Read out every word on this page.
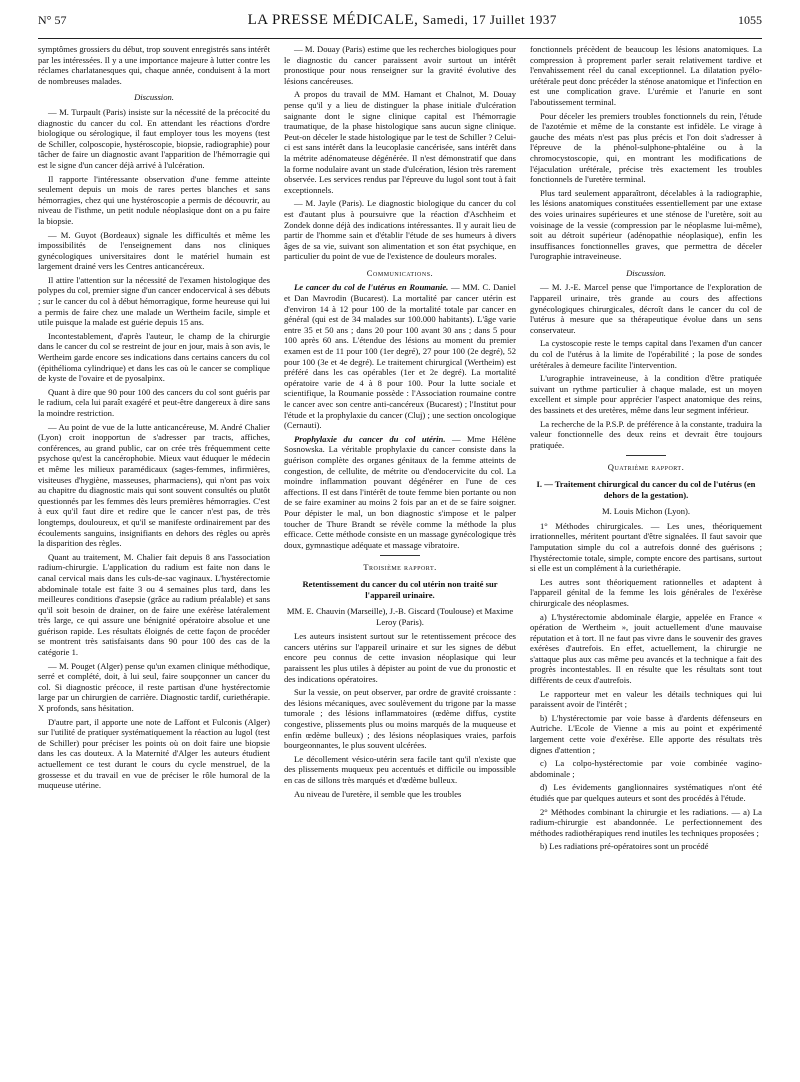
N° 57	LA PRESSE MÉDICALE, Samedi, 17 Juillet 1937	1055

symptômes grossiers du début, trop souvent enregistrés sans intérêt par les intéressées. Il y a une importance majeure à lutter contre les réclames charlatanesques qui, chaque année, conduisent à la mort de nombreuses malades.

Discussion.

— M. Turpault (Paris) insiste sur la nécessité de la précocité du diagnostic du cancer du col. En attendant les réactions d'ordre biologique ou sérologique, il faut employer tous les moyens (test de Schiller, colposcopie, hystéroscopie, biopsie, radiographie) pour tâcher de faire un diagnostic avant l'apparition de l'hémorragie qui est le signe d'un cancer déjà arrivé à l'ulcération.

Il rapporte l'intéressante observation d'une femme atteinte seulement depuis un mois de rares pertes blanches et sans hémorragies, chez qui une hystéroscopie a permis de découvrir, au niveau de l'isthme, un petit nodule néoplasique dont on a pu faire la biopsie.

— M. Guyot (Bordeaux) signale les difficultés et même les impossibilités de l'enseignement dans nos cliniques gynécologiques universitaires dont le matériel humain est largement drainé vers les Centres anticancéreux.

Il attire l'attention sur la nécessité de l'examen histologique des polypes du col, premier signe d'un cancer endocervical à ses débuts ; sur le cancer du col à début hémorragique, forme heureuse qui lui a permis de faire chez une malade un Wertheim facile, simple et utile puisque la malade est guérie depuis 15 ans.

Incontestablement, d'après l'auteur, le champ de la chirurgie dans le cancer du col se restreint de jour en jour, mais à son avis, le Wertheim garde encore ses indications dans certains cancers du col (épithélioma cylindrique) et dans les cas où le cancer se complique de kyste de l'ovaire et de pyosalpinx.

Quant à dire que 90 pour 100 des cancers du col sont guéris par le radium, cela lui paraît exagéré et peut-être dangereux à dire sans la moindre restriction.

— Au point de vue de la lutte anticancéreuse, M. André Chalier (Lyon) croit inopportun de s'adresser par tracts, affiches, conférences, au grand public, car on crée très fréquemment cette psychose qu'est la cancérophobie. Mieux vaut éduquer le médecin et même les milieux paramédicaux (sages-femmes, infirmières, visiteuses d'hygiène, masseuses, pharmaciens), qui n'ont pas voix au chapitre du diagnostic mais qui sont souvent consultés ou plutôt questionnés par les femmes dès leurs premières hémorragies. C'est à eux qu'il faut dire et redire que le cancer n'est pas, de très longtemps, douloureux, et qu'il se manifeste ordinairement par des écoulements sanguins, insignifiants en dehors des règles ou après la disparition des règles.

Quant au traitement, M. Chalier fait depuis 8 ans l'association radium-chirurgie. L'application du radium est faite non dans le canal cervical mais dans les culs-de-sac vaginaux. L'hystérectomie abdominale totale est faite 3 ou 4 semaines plus tard, dans les meilleures conditions d'asepsie (grâce au radium préalable) et sans qu'il soit besoin de drainer, on de faire une exérèse latéralement très large, ce qui assure une bénignité opératoire absolue et une guérison rapide. Les résultats éloignés de cette façon de procéder se montrent très satisfaisants dans 90 pour 100 des cas de la catégorie 1.

— M. Pouget (Alger) pense qu'un examen clinique méthodique, serré et complété, doit, à lui seul, faire soupçonner un cancer du col. Si diagnostic précoce, il reste partisan d'une hystérectomie large par un chirurgien de carrière. Diagnostic tardif, curiethérapie. X profonds, sans hésitation.

D'autre part, il apporte une note de Laffont et Fulconis (Alger) sur l'utilité de pratiquer systématiquement la réaction au lugol (test de Schiller) pour préciser les points où on doit faire une biopsie dans les cas douteux. A la Maternité d'Alger les auteurs étudient actuellement ce test durant le cours du cycle menstruel, de la grossesse et du travail en vue de préciser le rôle humoral de la muqueuse utérine.

— M. Douay (Paris) estime que les recherches biologiques pour le diagnostic du cancer paraissent avoir surtout un intérêt pronostique pour nous renseigner sur la gravité évolutive des lésions cancéreuses.

A propos du travail de MM. Hamant et Chalnot, M. Douay pense qu'il y a lieu de distinguer la phase initiale d'ulcération saignante dont le signe clinique capital est l'hémorragie traumatique, de la phase histologique sans aucun signe clinique. Peut-on déceler le stade histologique par le test de Schiller ? Celui-ci est sans intérêt dans la leucoplasie cancérisée, sans intérêt dans la métrite adénomateuse dégénérée. Il n'est démonstratif que dans la forme nodulaire avant un stade d'ulcération, lésion très rarement observée. Les services rendus par l'épreuve du lugol sont tout à fait exceptionnels.

— M. Jayle (Paris). Le diagnostic biologique du cancer du col est d'autant plus à poursuivre que la réaction d'Aschheim et Zondek donne déjà des indications intéressantes. Il y aurait lieu de partir de l'homme sain et d'établir l'étude de ses humeurs à divers âges de sa vie, suivant son alimentation et son état psychique, en particulier du point de vue de l'existence de douleurs morales.

Communications.

Le cancer du col de l'utérus en Roumanie. — MM. C. Daniel et Dan Mavrodin (Bucarest). La mortalité par cancer utérin est d'environ 14 à 12 pour 100 de la mortalité totale par cancer en général (qui est de 34 malades sur 100.000 habitants). L'âge varie entre 35 et 50 ans ; dans 20 pour 100 avant 30 ans ; dans 5 pour 100 après 60 ans. L'étendue des lésions au moment du premier examen est de 11 pour 100 (1er degré), 27 pour 100 (2e degré), 52 pour 100 (3e et 4e degré). Le traitement chirurgical (Wertheim) est préféré dans les cas opérables (1er et 2e degré). La mortalité opératoire varie de 4 à 8 pour 100. Pour la lutte sociale et scientifique, la Roumanie possède : l'Association roumaine contre le cancer avec son centre anti-cancéreux (Bucarest) ; l'Institut pour l'étude et la prophylaxie du cancer (Cluj) ; une section oncologique (Cernauti).

Prophylaxie du cancer du col utérin. — Mme Hélène Sosnowska. La véritable prophylaxie du cancer consiste dans la guérison complète des organes génitaux de la femme atteints de congestion, de cellulite, de métrite ou d'endocervicite du col. La moindre inflammation pouvant dégénérer en l'une de ces affections. Il est dans l'intérêt de toute femme bien portante ou non de se faire examiner au moins 2 fois par an et de se faire soigner. Pour dépister le mal, un bon diagnostic s'impose et le palper toucher de Thure Brandt se révèle comme la méthode la plus efficace. Cette méthode consiste en un massage gynécologique très doux, gymnastique adéquate et massage vibratoire.

Troisième rapport.

Retentissement du cancer du col utérin non traité sur l'appareil urinaire.

MM. E. Chauvin (Marseille), J.-B. Giscard (Toulouse) et Maxime Leroy (Paris).

Les auteurs insistent surtout sur le retentissement précoce des cancers utérins sur l'appareil urinaire et sur les signes de début encore peu connus de cette invasion néoplasique qui leur paraissent les plus utiles à dépister au point de vue du pronostic et des indications opératoires.

Sur la vessie, on peut observer, par ordre de gravité croissante : des lésions mécaniques, avec soulèvement du trigone par la masse tumorale ; des lésions inflammatoires (œdème diffus, cystite congestive, plissements plus ou moins marqués de la muqueuse et enfin œdème bulleux) ; des lésions néoplasiques vraies, parfois bourgeonnantes, le plus souvent ulcérées.

Le décollement vésico-utérin sera facile tant qu'il n'existe que des plissements muqueux peu accentués et difficile ou impossible en cas de sillons très marqués et d'œdème bulleux.

Au niveau de l'uretère, il semble que les troubles

fonctionnels précèdent de beaucoup les lésions anatomiques. La compression à proprement parler serait relativement tardive et l'envahissement réel du canal exceptionnel. La dilatation pyélo-urétérale peut donc précéder la sténose anatomique et l'infection en est une complication grave. L'urémie et l'anurie en sont l'aboutissement terminal.

Pour déceler les premiers troubles fonctionnels du rein, l'étude de l'azotémie et même de la constante est infidèle. Le virage à gauche des méats n'est pas plus précis et l'on doit s'adresser à l'épreuve de la phénol-sulphone-phtaléine ou à la chromocystoscopie, qui, en montrant les modifications de l'éjaculation urétérale, précise très exactement les troubles fonctionnels de l'uretère terminal.

Plus tard seulement apparaîtront, décelables à la radiographie, les lésions anatomiques constituées essentiellement par une extase des voies urinaires supérieures et une sténose de l'uretère, soit au voisinage de la vessie (compression par le néoplasme lui-même), soit au détroit supérieur (adénopathie néoplasique), enfin les insuffisances fonctionnelles graves, que permettra de déceler l'urographie intraveineuse.

Discussion.

— M. J.-E. Marcel pense que l'importance de l'exploration de l'appareil urinaire, très grande au cours des affections gynécologiques chirurgicales, décroît dans le cancer du col de l'utérus à mesure que sa thérapeutique évolue dans un sens conservateur.

La cystoscopie reste le temps capital dans l'examen d'un cancer du col de l'utérus à la limite de l'opérabilité ; la pose de sondes urétérales à demeure facilite l'intervention.

L'urographie intraveineuse, à la condition d'être pratiquée suivant un rythme particulier à chaque malade, est un moyen excellent et simple pour apprécier l'aspect anatomique des reins, des bassinets et des uretères, même dans leur segment inférieur.

La recherche de la P.S.P. de préférence à la constante, traduira la valeur fonctionnelle des deux reins et devrait être toujours pratiquée.

Quatrième rapport.

I. — Traitement chirurgical du cancer du col de l'utérus (en dehors de la gestation).

M. Louis Michon (Lyon).

1° Méthodes chirurgicales. — Les unes, théoriquement irrationnelles, méritent pourtant d'être signalées. Il faut savoir que l'amputation simple du col a autrefois donné des guérisons ; l'hystérectomie totale, simple, compte encore des partisans, surtout si elle est un complément à la curiethérapie.

Les autres sont théoriquement rationnelles et adaptent à l'appareil génital de la femme les lois générales de l'exérèse chirurgicale des néoplasmes.

a) L'hystérectomie abdominale élargie, appelée en France « opération de Wertheim », jouit actuellement d'une mauvaise réputation et à tort. Il ne faut pas vivre dans le souvenir des graves exérèses d'autrefois. En effet, actuellement, la chirurgie ne s'attaque plus aux cas même peu avancés et la technique a fait des progrès incontestables. Il en résulte que les résultats sont tout différents de ceux d'autrefois.

Le rapporteur met en valeur les détails techniques qui lui paraissent avoir de l'intérêt ;

b) L'hystérectomie par voie basse à d'ardents défenseurs en Autriche. L'Ecole de Vienne a mis au point et expérimenté largement cette voie d'exérèse. Elle apporte des résultats très dignes d'attention ;

c) La colpo-hystérectomie par voie combinée vagino-abdominale ;

d) Les évidements ganglionnaires systématiques n'ont été étudiés que par quelques auteurs et sont des procédés à l'étude.

2° Méthodes combinant la chirurgie et les radiations. — a) La radium-chirurgie est abandonnée. Le perfectionnement des méthodes radiothérapiques rend inutiles les techniques proposées ;

b) Les radiations pré-opératoires sont un procédé
